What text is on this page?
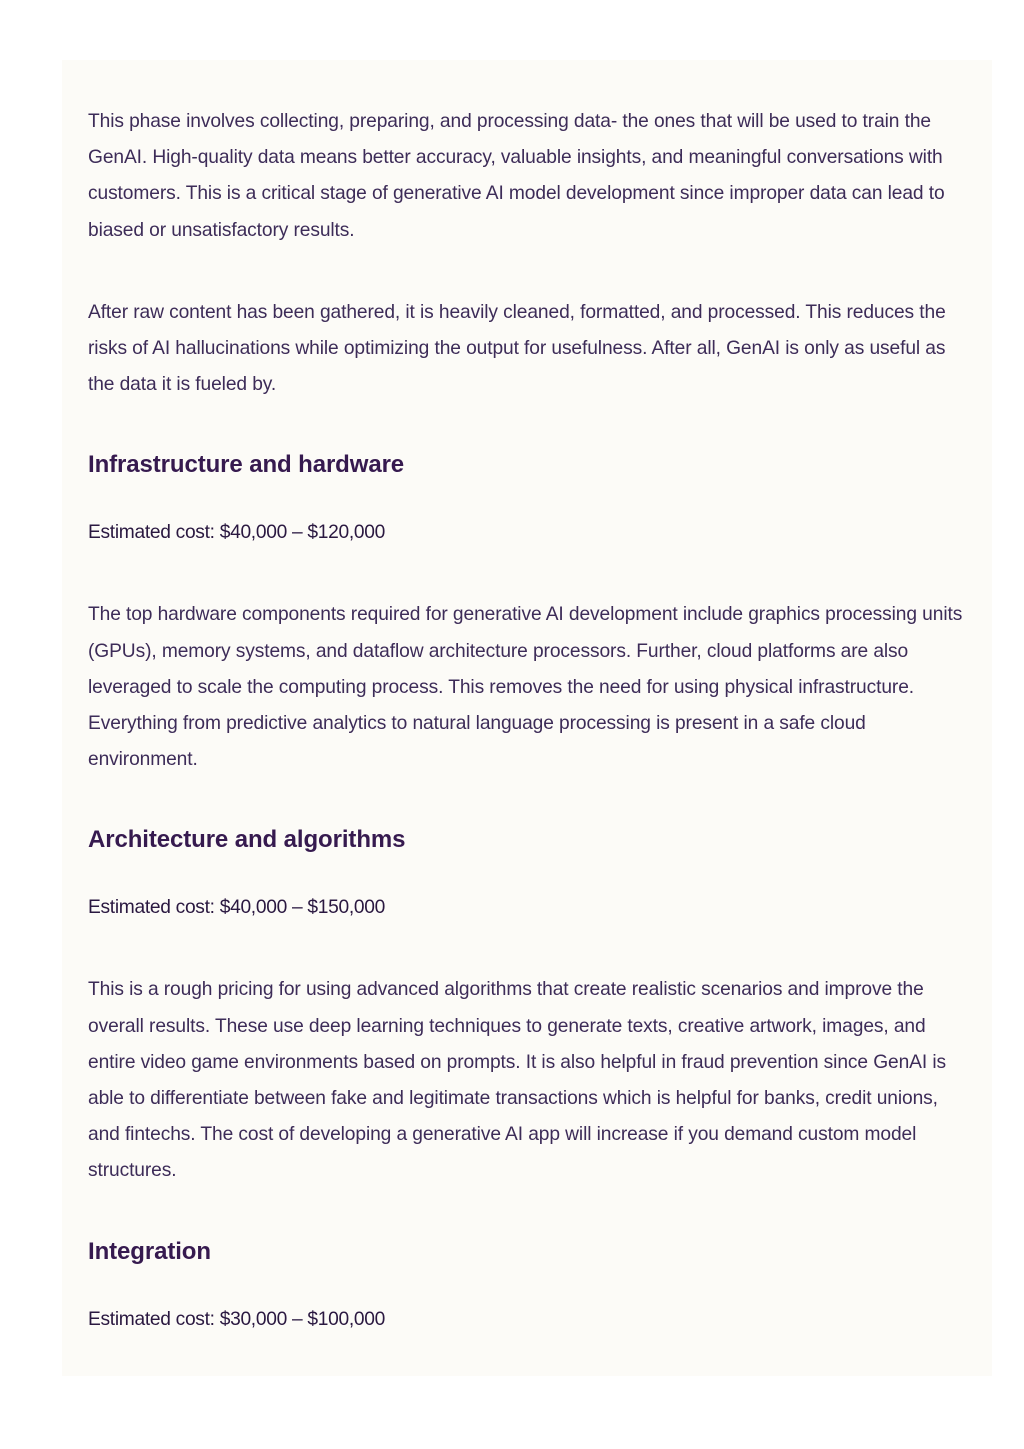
This phase involves collecting, preparing, and processing data- the ones that will be used to train the GenAI. High-quality data means better accuracy, valuable insights, and meaningful conversations with customers. This is a critical stage of generative AI model development since improper data can lead to biased or unsatisfactory results.

After raw content has been gathered, it is heavily cleaned, formatted, and processed. This reduces the risks of AI hallucinations while optimizing the output for usefulness. After all, GenAI is only as useful as the data it is fueled by.

Infrastructure and hardware

Estimated cost: $40,000 – $120,000

The top hardware components required for generative AI development include graphics processing units (GPUs), memory systems, and dataflow architecture processors. Further, cloud platforms are also leveraged to scale the computing process. This removes the need for using physical infrastructure. Everything from predictive analytics to natural language processing is present in a safe cloud environment.

Architecture and algorithms

Estimated cost: $40,000 – $150,000

This is a rough pricing for using advanced algorithms that create realistic scenarios and improve the overall results. These use deep learning techniques to generate texts, creative artwork, images, and entire video game environments based on prompts. It is also helpful in fraud prevention since GenAI is able to differentiate between fake and legitimate transactions which is helpful for banks, credit unions, and fintechs. The cost of developing a generative AI app will increase if you demand custom model structures.

Integration

Estimated cost: $30,000 – $100,000
